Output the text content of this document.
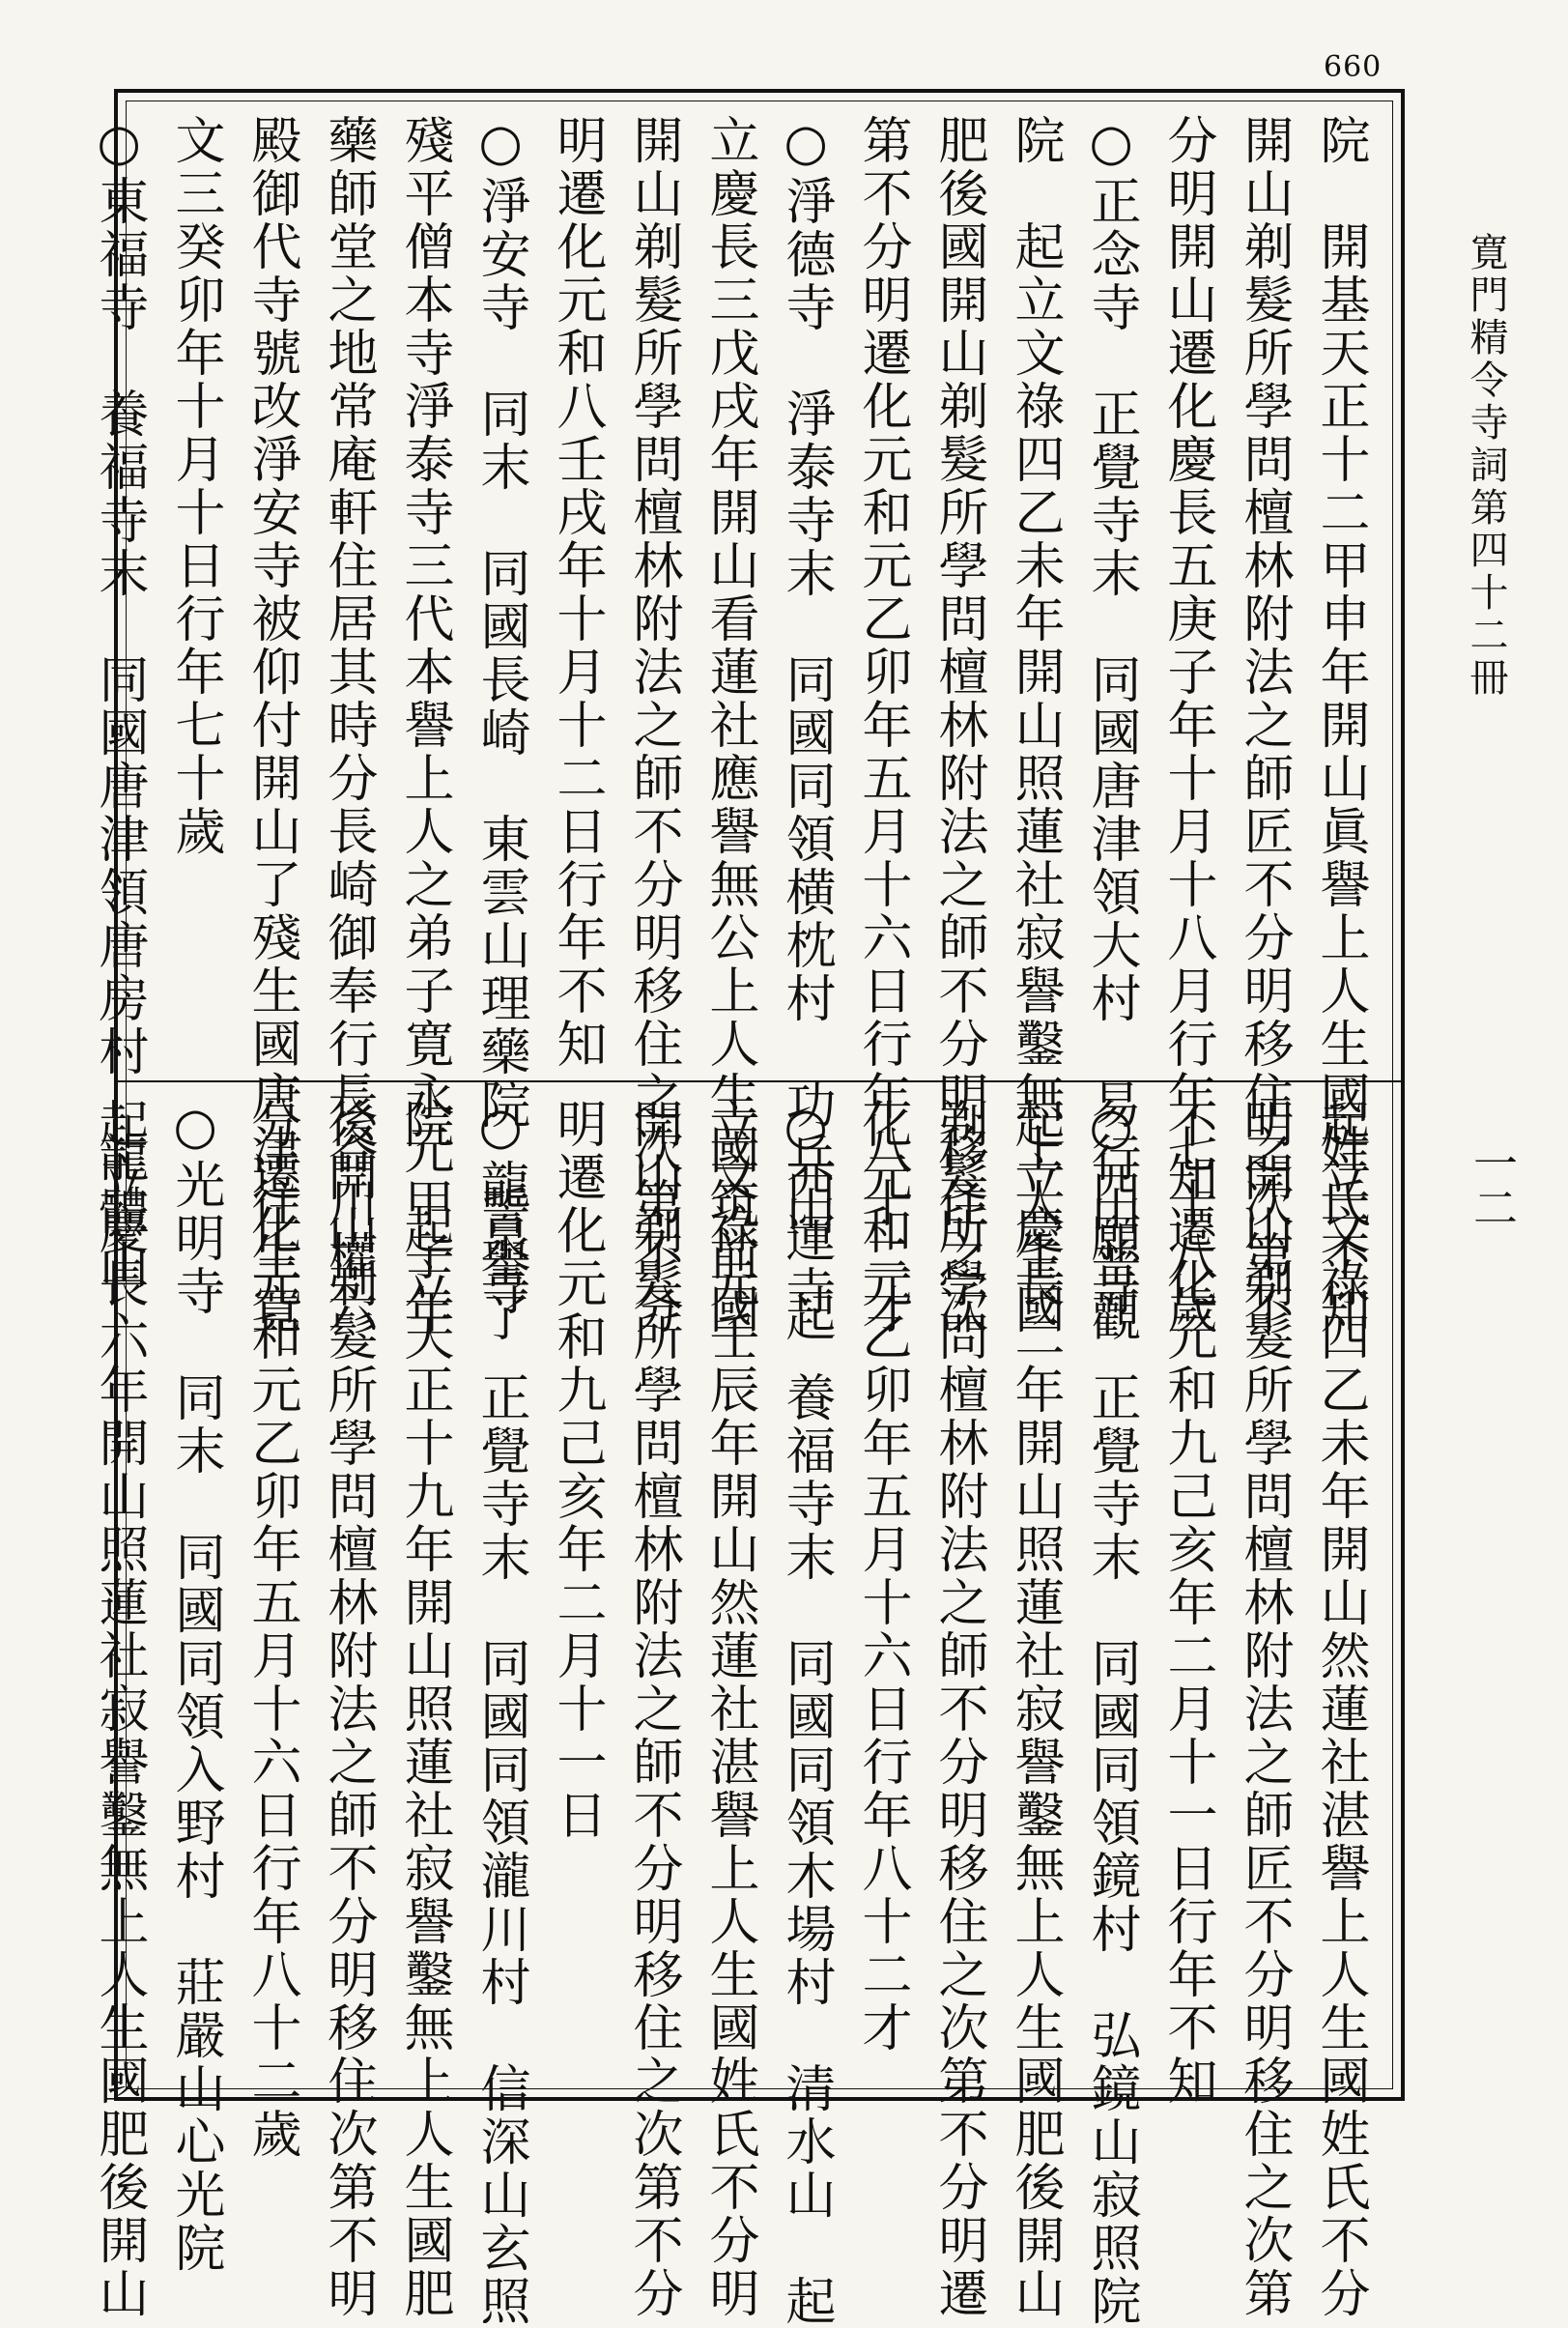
660
寛門精令寺詞第四十二冊
一二
院　開基天正十二甲申年開山眞譽上人生國姓氏不知
開山剃髮所學問檀林附法之師匠不分明移住之次第不
分明開山遷化慶長五庚子年十月十八月行年七十八歲
○正念寺　正覺寺末　同國唐津領大村　易行山普觀
院　起立文祿四乙未年開山照蓮社寂譽鑿無上人生國
肥後國開山剃髮所學問檀林附法之師不分明移住之次
第不分明遷化元和元乙卯年五月十六日行年八十二才
○淨德寺　淨泰寺末　同國同領横枕村　功兵山　起
立慶長三戊戌年開山看蓮社應譽無公上人生國筑前國
開山剃髮所學問檀林附法之師不分明移住之次第不分
明遷化元和八壬戌年十月十二日行年不知
○淨安寺　同末　同國長崎　東雲山理藥院　誓譽了
殘平僧本寺淨泰寺三代本譽上人之弟子寛永元甲子年
藥師堂之地常庵軒住居其時分長崎御奉行長谷川權六
殿御代寺號改淨安寺被仰付開山了殘生國唐津往生寛
文三癸卯年十月十日行年七十歲
○東福寺　養福寺末　同國唐津領唐房村　龍體山
起立文祿四乙未年開山然蓮社湛譽上人生國姓氏不分
明開山剃髮所學問檀林附法之師匠不分明移住之次第
不知遷化元和九己亥年二月十一日行年不知
○西願寺　正覺寺末　同國同領鏡村　弘鏡山寂照院
起立慶長二年開山照蓮社寂譽鑿無上人生國肥後開山
剃髮所學問檀林附法之師不分明移住之次第不分明遷
化元和元乙卯年五月十六日行年八十二才
○西運寺　養福寺末　同國同領木場村　清水山　起
立文祿元壬辰年開山然蓮社湛譽上人生國姓氏不分明
開山剃髮所學問檀林附法之師不分明移住之次第不分
明遷化元和九己亥年二月十一日
○龍泉寺　正覺寺末　同國同領瀧川村　信深山玄照
院　起立天正十九年開山照蓮社寂譽鑿無上人生國肥
後開山剃髮所學問檀林附法之師不分明移住次第不明
分遷化元和元乙卯年五月十六日行年八十二歲
○光明寺　同末　同國同領入野村　莊嚴山心光院
起立慶長六年開山照蓮社寂譽鑿無上人生國肥後開山
